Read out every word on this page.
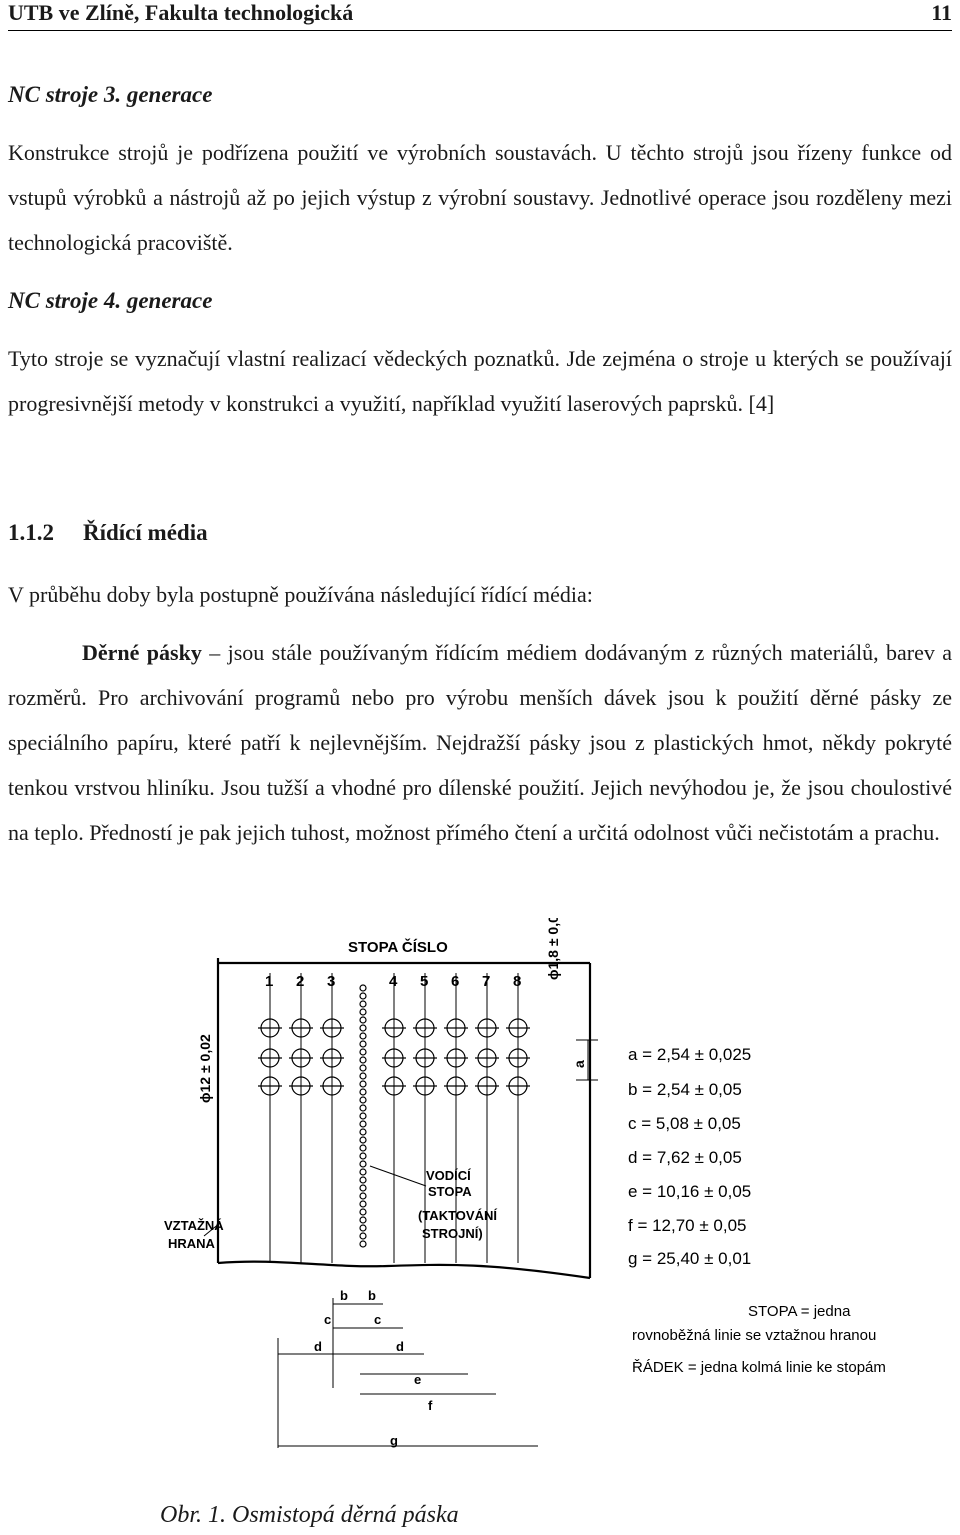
UTB ve Zlíně, Fakulta technologická	11
NC stroje 3. generace

Konstrukce strojů je podřízena použití ve výrobních soustavách. U těchto strojů jsou řízeny funkce od vstupů výrobků a nástrojů až po jejich výstup z výrobní soustavy. Jednotlivé operace jsou rozděleny mezi technologická pracoviště.

NC stroje 4. generace

Tyto stroje se vyznačují vlastní realizací vědeckých poznatků. Jde zejména o stroje u kterých se používají progresivnější metody v konstrukci a využití, například využití laserových paprsků. [4]

1.1.2 Řídící média

V průběhu doby byla postupně používána následující řídící média:

Děrné pásky – jsou stále používaným řídícím médiem dodávaným z různých materiálů, barev a rozměrů. Pro archivování programů nebo pro výrobu menších dávek jsou k použití děrné pásky ze speciálního papíru, které patří k nejlevnějším. Nejdražší pásky jsou z plastických hmot, někdy pokryté tenkou vrstvou hliníku. Jsou tužší a vhodné pro dílenské použití. Jejich nevýhodou je, že jsou choulostivé na teplo. Předností je pak jejich tuhost, možnost přímého čtení a určitá odolnost vůči nečistotám a prachu.

STOPA ČÍSLO
1 2 3	4 5 6 7 8
ϕ1,8 ± 0,02
ϕ12 ± 0,02	a
VODÍCÍ
STOPA
(TAKTOVÁNÍ
STROJNÍ)
VZTAŽNÁ
HRANA
b b
c	c
d	d
e
f
g
a = 2,54 ± 0,025
b = 2,54 ± 0,05
c = 5,08 ± 0,05
d = 7,62 ± 0,05
e = 10,16 ± 0,05
f = 12,70 ± 0,05
g = 25,40 ± 0,01
STOPA = jedna
rovnoběžná linie se vztažnou hranou
ŘÁDEK = jedna kolmá linie ke stopám
Obr. 1. Osmistopá děrná páska
